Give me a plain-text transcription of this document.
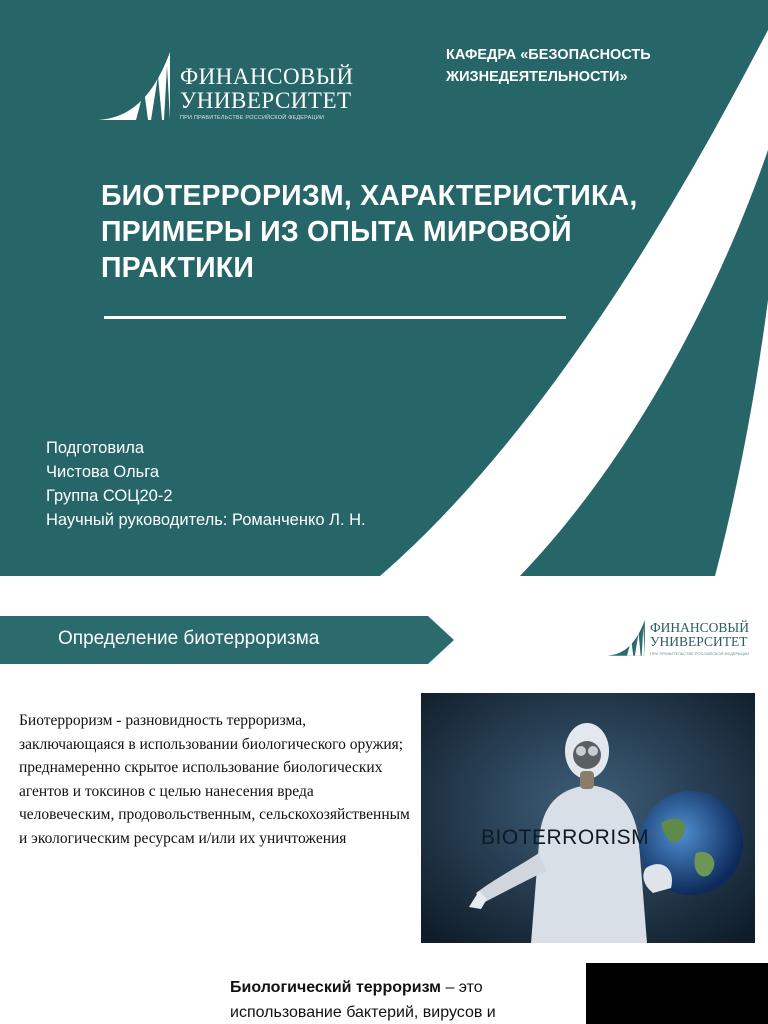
ФИНАНСОВЫЙ
УНИВЕРСИТЕТ
ПРИ ПРАВИТЕЛЬСТВЕ РОССИЙСКОЙ ФЕДЕРАЦИИ
КАФЕДРА «БЕЗОПАСНОСТЬ ЖИЗНЕДЕЯТЕЛЬНОСТИ»
БИОТЕРРОРИЗМ, ХАРАКТЕРИСТИКА, ПРИМЕРЫ ИЗ ОПЫТА МИРОВОЙ ПРАКТИКИ
Подготовила
Чистова Ольга
Группа СОЦ20-2
Научный руководитель: Романченко Л. Н.
Определение биотерроризма
ФИНАНСОВЫЙ
УНИВЕРСИТЕТ
ПРИ ПРАВИТЕЛЬСТВЕ РОССИЙСКОЙ ФЕДЕРАЦИИ

Биотерроризм - разновидность терроризма, заключающаяся в использовании биологического оружия; преднамеренно скрытое использование биологических агентов и токсинов с целью нанесения вреда человеческим, продовольственным, сельскохозяйственным и экологическим ресурсам и/или их уничтожения	BIOTERRORISM

Биологический терроризм – это использование бактерий, вирусов и
